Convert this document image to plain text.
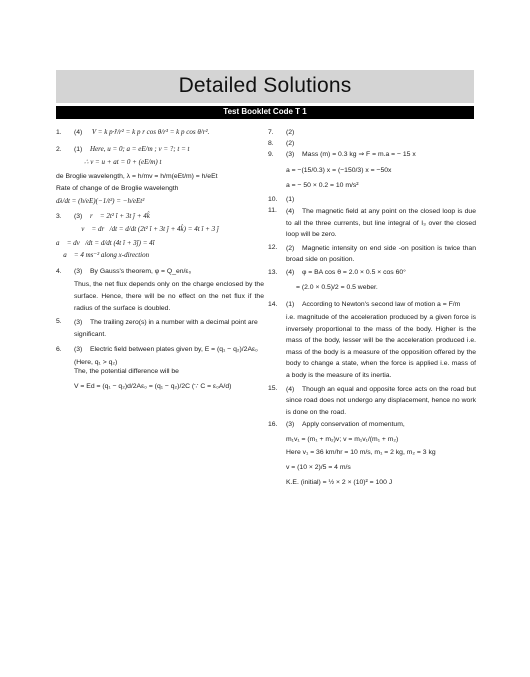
Detailed Solutions
Test Booklet Code T 1
1. (4) V = k p·r̂/r² = k p r cos θ/r³ = k p cos θ/r².
2. (1) Here, u = 0; a = eE/m ; v = ?; t = t
∴ v = u + at = 0 + (eE/m) t
de Broglie wavelength, λ = h/mv = h/m(eEt/m) = h/eEt
Rate of change of de Broglie wavelength
dλ/dt = (h/eE)(−1/t²) = −h/eEt²
3. (3) r⃗ = 2t² î + 3t ĵ + 4k̂
∴ v⃗ = dr⃗/dt = d/dt (2t² î + 3t ĵ + 4k̂) = 4t î + 3 ĵ
a⃗ = dv⃗/dt = d/dt (4t î + 3ĵ) = 4î
∴ a⃗ = 4 ms⁻² along x-direction
4. (3) By Gauss's theorem, φ = Q_en/ε₀
Thus, the net flux depends only on the charge enclosed by the surface. Hence, there will be no effect on the net flux if the radius of the surface is doubled.
5. (3) The trailing zero(s) in a number with a decimal point are significant.
6. (3) Electric field between plates given by, E = (q₁ − q₂)/2Aε₀
(Here, q₁ > q₂)
The, the potential difference will be
V = Ed = (q₁ − q₂)d/2Aε₀ = (q₁ − q₂)/2C (∵ C = ε₀A/d)
7. (2)
8. (2)
9. (3) Mass (m) = 0.3 kg ⇒ F = m.a = − 15 x
a = −(15/0.3) x = (−150/3) x = −50x
a = − 50 × 0.2 = 10 m/s²
10. (1)
11. (4) The magnetic field at any point on the closed loop is due to all the three currents, but line integral of I₃ over the closed loop will be zero.
12. (2) Magnetic intensity on end side -on position is twice than broad side on position.
13. (4) φ = BA cos θ = 2.0 × 0.5 × cos 60°
= (2.0 × 0.5)/2 = 0.5 weber.
14. (1) According to Newton's second law of motion a = F/m
i.e. magnitude of the acceleration produced by a given force is inversely proportional to the mass of the body. Higher is the mass of the body, lesser will be the acceleration produced i.e. mass of the body is a measure of the opposition offered by the body to change a state, when the force is applied i.e. mass of a body is the measure of its inertia.
15. (4) Though an equal and opposite force acts on the road but since road does not undergo any displacement, hence no work is done on the road.
16. (3) Apply conservation of momentum,
m₁v₁ = (m₁ + m₂)v; v = m₁v₁/(m₁ + m₂)
Here v₁ = 36 km/hr = 10 m/s, m₁ = 2 kg, m₂ = 3 kg
v = (10 × 2)/5 = 4 m/s
K.E. (initial) = ½ × 2 × (10)² = 100 J
